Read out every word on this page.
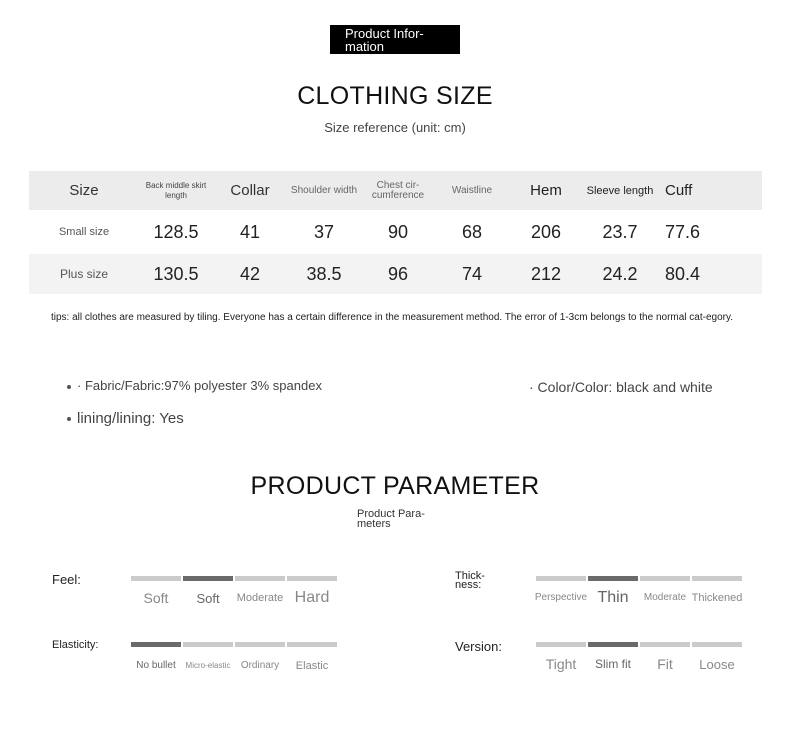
Product Infor-mation
CLOTHING SIZE
Size reference (unit: cm)
Size	Back middle skirt length	Collar	Shoulder width	Chest cir-cumference	Waistline	Hem	Sleeve length	Cuff
Small size	128.5	41	37	90	68	206	23.7	77.6
Plus size	130.5	42	38.5	96	74	212	24.2	80.4
tips: all clothes are measured by tiling. Everyone has a certain difference in the measurement method. The error of 1-3cm belongs to the normal cat-egory.
· Fabric/Fabric:97% polyester 3% spandex	· Color/Color: black and white
lining/lining: Yes
PRODUCT PARAMETER
Product Para-meters
Feel:	Thick-ness:
Elasticity:	Version:
Soft	Soft	Moderate Hard	Perspective Thin	Moderate Thickened
No bullet	Micro-elastic	Ordinary	Elastic	Tight	Slim fit	Fit	Loose
